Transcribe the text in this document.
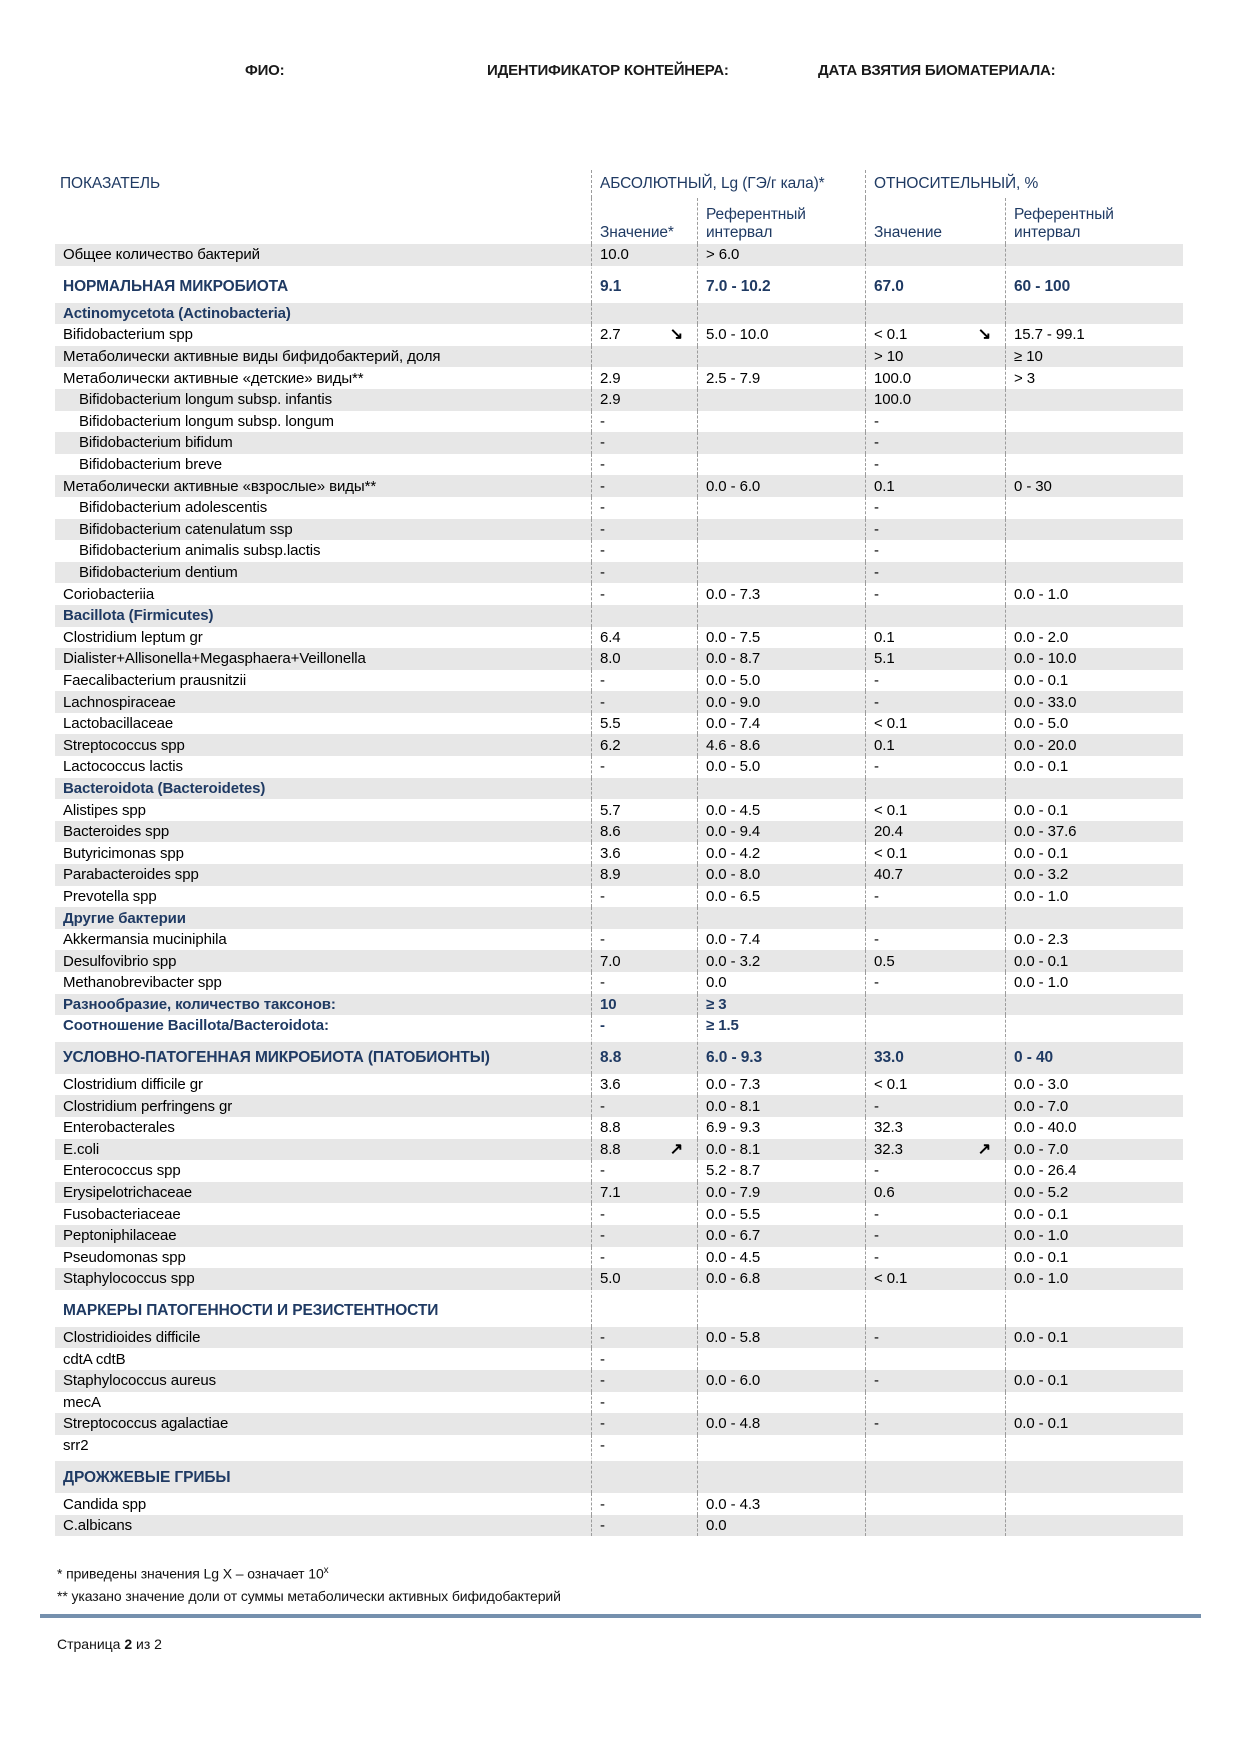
ФИО:	ИДЕНТИФИКАТОР КОНТЕЙНЕРА:	ДАТА ВЗЯТИЯ БИОМАТЕРИАЛА:
ПОКАЗАТЕЛЬ	АБСОЛЮТНЫЙ, Lg (ГЭ/г кала)*		ОТНОСИТЕЛЬНЫЙ, %	
	Значение*	Референтный интервал	Значение	Референтный интервал
Общее количество бактерий	10.0	> 6.0		
НОРМАЛЬНАЯ МИКРОБИОТА	9.1	7.0 - 10.2	67.0	60 - 100
Actinomycetota (Actinobacteria)				
Bifidobacterium spp	2.7 ↘	5.0 - 10.0	< 0.1 ↘	15.7 - 99.1
Метаболически активные виды бифидобактерий, доля			> 10	≥ 10
Метаболически активные «детские» виды**	2.9	2.5 - 7.9	100.0	> 3
Bifidobacterium longum subsp. infantis	2.9		100.0	
Bifidobacterium longum subsp. longum	-		-	
Bifidobacterium bifidum	-		-	
Bifidobacterium breve	-		-	
Метаболически активные «взрослые» виды**	-	0.0 - 6.0	0.1	0 - 30
Bifidobacterium adolescentis	-		-	
Bifidobacterium catenulatum ssp	-		-	
Bifidobacterium animalis subsp.lactis	-		-	
Bifidobacterium dentium	-		-	
Coriobacteriia	-	0.0 - 7.3	-	0.0 - 1.0
Bacillota (Firmicutes)				
Clostridium leptum gr	6.4	0.0 - 7.5	0.1	0.0 - 2.0
Dialister+Allisonella+Megasphaera+Veillonella	8.0	0.0 - 8.7	5.1	0.0 - 10.0
Faecalibacterium prausnitzii	-	0.0 - 5.0	-	0.0 - 0.1
Lachnospiraceae	-	0.0 - 9.0	-	0.0 - 33.0
Lactobacillaceae	5.5	0.0 - 7.4	< 0.1	0.0 - 5.0
Streptococcus spp	6.2	4.6 - 8.6	0.1	0.0 - 20.0
Lactococcus lactis	-	0.0 - 5.0	-	0.0 - 0.1
Bacteroidota (Bacteroidetes)				
Alistipes spp	5.7	0.0 - 4.5	< 0.1	0.0 - 0.1
Bacteroides spp	8.6	0.0 - 9.4	20.4	0.0 - 37.6
Butyricimonas spp	3.6	0.0 - 4.2	< 0.1	0.0 - 0.1
Parabacteroides spp	8.9	0.0 - 8.0	40.7	0.0 - 3.2
Prevotella spp	-	0.0 - 6.5	-	0.0 - 1.0
Другие бактерии				
Akkermansia muciniphila	-	0.0 - 7.4	-	0.0 - 2.3
Desulfovibrio spp	7.0	0.0 - 3.2	0.5	0.0 - 0.1
Methanobrevibacter spp	-	0.0	-	0.0 - 1.0
Разнообразие, количество таксонов:	10	≥ 3		
Соотношение Bacillota/Bacteroidota:	-	≥ 1.5		
УСЛОВНО-ПАТОГЕННАЯ МИКРОБИОТА (ПАТОБИОНТЫ)	8.8	6.0 - 9.3	33.0	0 - 40
Clostridium difficile gr	3.6	0.0 - 7.3	< 0.1	0.0 - 3.0
Clostridium perfringens gr	-	0.0 - 8.1	-	0.0 - 7.0
Enterobacterales	8.8	6.9 - 9.3	32.3	0.0 - 40.0
E.coli	8.8 ↗	0.0 - 8.1	32.3 ↗	0.0 - 7.0
Enterococcus spp	-	5.2 - 8.7	-	0.0 - 26.4
Erysipelotrichaceae	7.1	0.0 - 7.9	0.6	0.0 - 5.2
Fusobacteriaceae	-	0.0 - 5.5	-	0.0 - 0.1
Peptoniphilaceae	-	0.0 - 6.7	-	0.0 - 1.0
Pseudomonas spp	-	0.0 - 4.5	-	0.0 - 0.1
Staphylococcus spp	5.0	0.0 - 6.8	< 0.1	0.0 - 1.0
МАРКЕРЫ ПАТОГЕННОСТИ И РЕЗИСТЕНТНОСТИ				
Clostridioides difficile	-	0.0 - 5.8	-	0.0 - 0.1
cdtA cdtB	-			
Staphylococcus aureus	-	0.0 - 6.0	-	0.0 - 0.1
mecA	-			
Streptococcus agalactiae	-	0.0 - 4.8	-	0.0 - 0.1
srr2	-			
ДРОЖЖЕВЫЕ ГРИБЫ				
Candida spp	-	0.0 - 4.3		
C.albicans	-	0.0		
* приведены значения Lg X – означает 10$^x$
** указано значение доли от суммы метаболически активных бифидобактерий
Страница 2 из 2
